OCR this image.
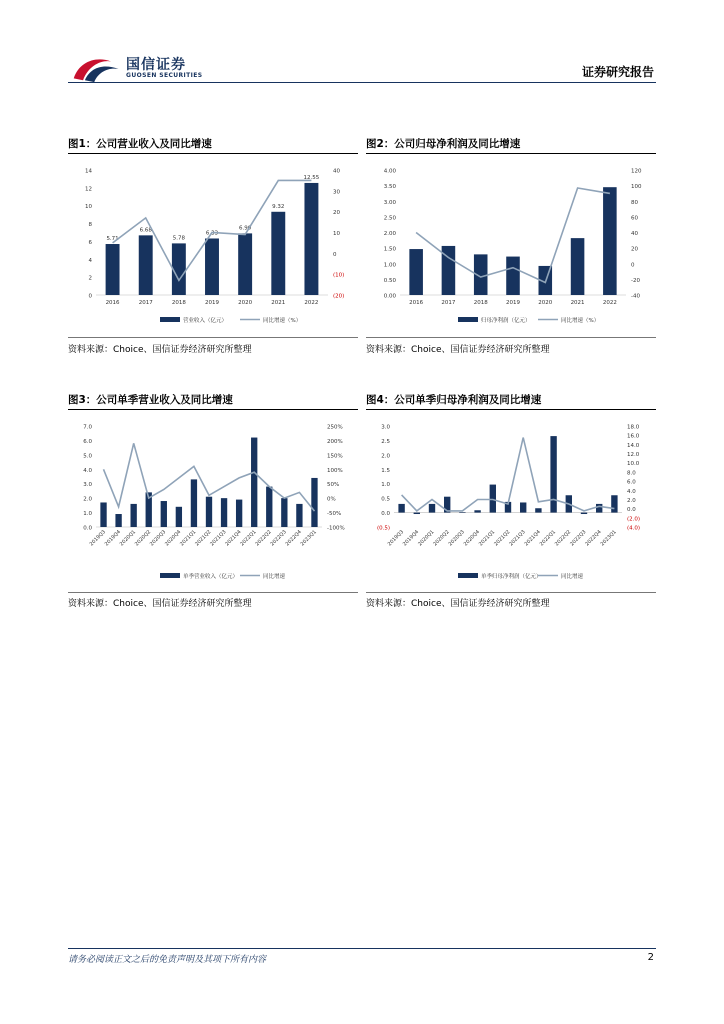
国信证券
GUOSEN SECURITIES	证券研究报告
图1：公司营业收入及同比增速
0
2
4
6
8
10
12
14
(20)
(10)
0
10
20
30
40
5.71
6.68
5.78
6.33
6.90
9.32
12.55
2016	2017	2018	2019	2020	2021	2022
营业收入（亿元）	同比增速（%）
资料来源：Choice、国信证券经济研究所整理
图2：公司归母净利润及同比增速
0.00
0.50
1.00
1.50
2.00
2.50
3.00
3.50
4.00
-40
-20
0
20
40
60
80
100
120
2016	2017	2018	2019	2020	2021	2022
归母净利润（亿元）	同比增速（%）
资料来源：Choice、国信证券经济研究所整理
图3：公司单季营业收入及同比增速
0.0
1.0
2.0
3.0
4.0
5.0
6.0
7.0
-100%
-50%
0%
50%
100%
150%
200%
250%
2019Q3
2019Q4
2020Q1
2020Q2
2020Q3
2020Q4
2021Q1
2021Q2
2021Q3
2021Q4
2022Q1
2022Q2
2022Q3
2022Q4
2023Q1
单季营业收入（亿元）	同比增速
资料来源：Choice、国信证券经济研究所整理
图4：公司单季归母净利润及同比增速
(0.5)
0.0
0.5
1.0
1.5
2.0
2.5
3.0
(4.0)
(2.0)
0.0
2.0
4.0
6.0
8.0
10.0
12.0
14.0
16.0
18.0
2019Q3
2019Q4
2020Q1
2020Q2
2020Q3
2020Q4
2021Q1
2021Q2
2021Q3
2021Q4
2022Q1
2022Q2
2022Q3
2022Q4
2023Q1
单季归母净利润（亿元）	同比增速
资料来源：Choice、国信证券经济研究所整理
请务必阅读正文之后的免责声明及其项下所有内容	2
